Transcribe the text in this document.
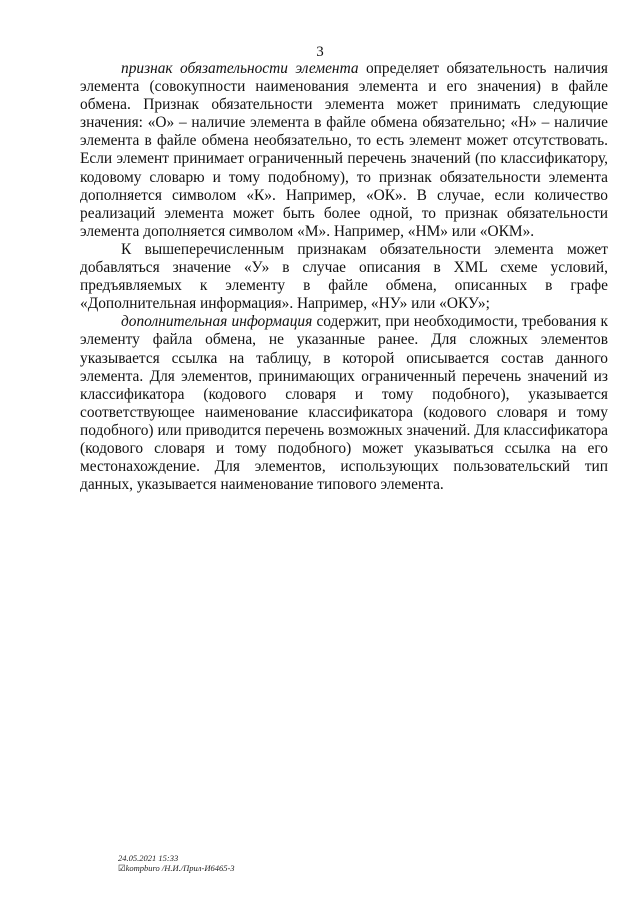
3

признак обязательности элемента определяет обязательность наличия элемента (совокупности наименования элемента и его значения) в файле обмена. Признак обязательности элемента может принимать следующие значения: «О» – наличие элемента в файле обмена обязательно; «Н» – наличие элемента в файле обмена необязательно, то есть элемент может отсутствовать. Если элемент принимает ограниченный перечень значений (по классификатору, кодовому словарю и тому подобному), то признак обязательности элемента дополняется символом «К». Например, «ОК». В случае, если количество реализаций элемента может быть более одной, то признак обязательности элемента дополняется символом «М». Например, «НМ» или «ОКМ».

К вышеперечисленным признакам обязательности элемента может добавляться значение «У» в случае описания в XML схеме условий, предъявляемых к элементу в файле обмена, описанных в графе «Дополнительная информация». Например, «НУ» или «ОКУ»;

дополнительная информация содержит, при необходимости, требования к элементу файла обмена, не указанные ранее. Для сложных элементов указывается ссылка на таблицу, в которой описывается состав данного элемента. Для элементов, принимающих ограниченный перечень значений из классификатора (кодового словаря и тому подобного), указывается соответствующее наименование классификатора (кодового словаря и тому подобного) или приводится перечень возможных значений. Для классификатора (кодового словаря и тому подобного) может указываться ссылка на его местонахождение. Для элементов, использующих пользовательский тип данных, указывается наименование типового элемента.

24.05.2021 15:33
☑kompburo /Н.И./Прил-И6465-3
